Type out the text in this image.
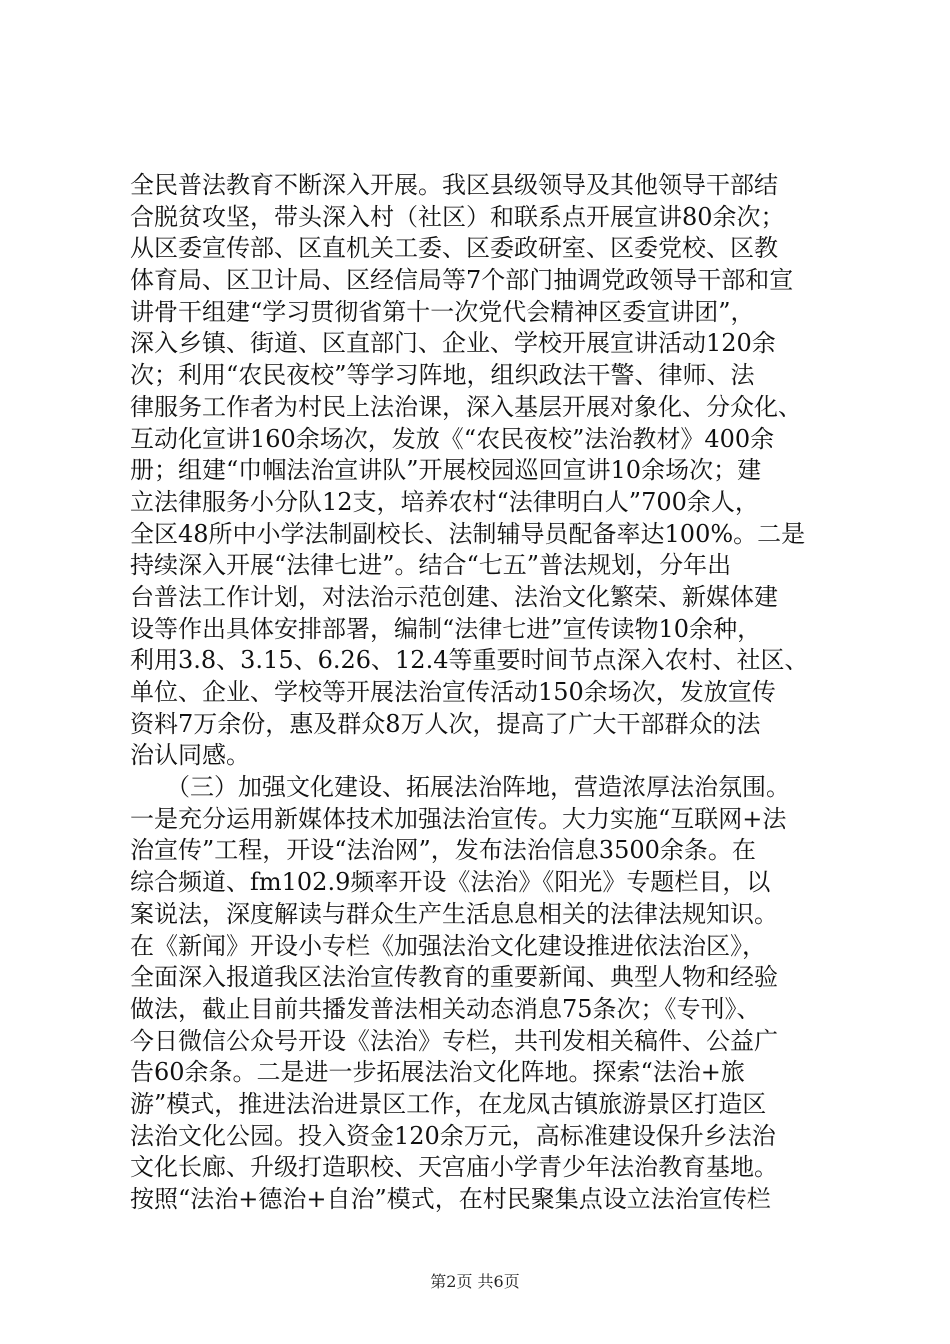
全民普法教育不断深入开展。我区县级领导及其他领导干部结
合脱贫攻坚，带头深入村（社区）和联系点开展宣讲80余次；
从区委宣传部、区直机关工委、区委政研室、区委党校、区教
体育局、区卫计局、区经信局等7个部门抽调党政领导干部和宣
讲骨干组建“学习贯彻省第十一次党代会精神区委宣讲团”，
深入乡镇、街道、区直部门、企业、学校开展宣讲活动120余
次；利用“农民夜校”等学习阵地，组织政法干警、律师、法
律服务工作者为村民上法治课，深入基层开展对象化、分众化、
互动化宣讲160余场次，发放《“农民夜校”法治教材》400余
册；组建“巾帼法治宣讲队”开展校园巡回宣讲10余场次；建
立法律服务小分队12支，培养农村“法律明白人”700余人，
全区48所中小学法制副校长、法制辅导员配备率达100%。二是
持续深入开展“法律七进”。结合“七五”普法规划，分年出
台普法工作计划，对法治示范创建、法治文化繁荣、新媒体建
设等作出具体安排部署，编制“法律七进”宣传读物10余种，
利用3.8、3.15、6.26、12.4等重要时间节点深入农村、社区、
单位、企业、学校等开展法治宣传活动150余场次，发放宣传
资料7万余份，惠及群众8万人次，提高了广大干部群众的法
治认同感。
　　（三）加强文化建设、拓展法治阵地，营造浓厚法治氛围。
一是充分运用新媒体技术加强法治宣传。大力实施“互联网+法
治宣传”工程，开设“法治网”，发布法治信息3500余条。在
综合频道、fm102.9频率开设《法治》《阳光》专题栏目，以
案说法，深度解读与群众生产生活息息相关的法律法规知识。
在《新闻》开设小专栏《加强法治文化建设推进依法治区》，
全面深入报道我区法治宣传教育的重要新闻、典型人物和经验
做法，截止目前共播发普法相关动态消息75条次；《专刊》、
今日微信公众号开设《法治》专栏，共刊发相关稿件、公益广
告60余条。二是进一步拓展法治文化阵地。探索“法治+旅
游”模式，推进法治进景区工作，在龙凤古镇旅游景区打造区
法治文化公园。投入资金120余万元，高标准建设保升乡法治
文化长廊、升级打造职校、天宫庙小学青少年法治教育基地。
按照“法治+德治+自治”模式，在村民聚集点设立法治宣传栏
第2页 共6页
